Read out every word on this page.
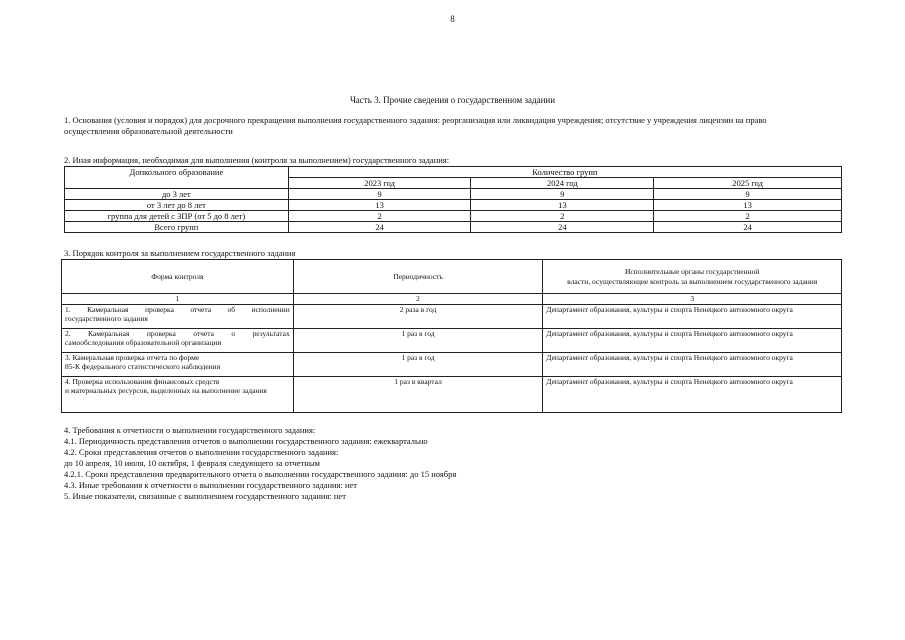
8
Часть 3. Прочие сведения о государственном задании
1. Основания (условия и порядок) для досрочного прекращения выполнения государственного задания: реорганизация или ликвидация учреждения; отсутствие у учреждения лицензии на право
осуществления образовательной деятельности
2. Иная информация, необходимая для выполнения (контроля за выполнением) государственного задания:
Допкольного образование	Количество групп		
	2023 год	2024 год	2025 год
до 3 лет	9	9	9
от 3 лет до 8 лет	13	13	13
группа для детей с ЗПР (от 5 до 8 лет)	2	2	2
Всего групп	24	24	24
3. Порядок контроля за выполнением государственного задания
Форма контроля	Периодичность	Исполнительные органы государственной
власти, осуществляющие контроль за выполнением государственного задания

1	2	3

1. Камеральная проверка отчета об исполнении
государственного задания	2 раза в год	Департамент образования, культуры и спорта Ненецкого автономного округа

2. Камеральная проверка отчета о результатах
самообследования образовательной организации	1 раз в год	Департамент образования, культуры и спорта Ненецкого автономного округа

3. Камеральная проверка отчета по форме
85-К федерального статистического наблюдения	1 раз в год	Департамент образования, культуры и спорта Ненецкого автономного округа

4. Проверка использования финансовых средств
и материальных ресурсов, выделенных на выполнение задания	1 раз в квартал	Департамент образования, культуры и спорта Ненецкого автономного округа
4. Требования к отчетности о выполнении государственного задания:
4.1. Периодичность представления отчетов о выполнении государственного задания: ежеквартально
4.2. Сроки представления отчетов о выполнении государственного задания:
до 10 апреля, 10 июля, 10 октября, 1 февраля следующего за отчетным
4.2.1. Сроки представления предварительного отчета о выполнении государственного задания: до 15 ноября
4.3. Иные требования к отчетности о выполнении государственного задания: нет
5. Иные показатели, связанные с выполнением государственного задания: нет
